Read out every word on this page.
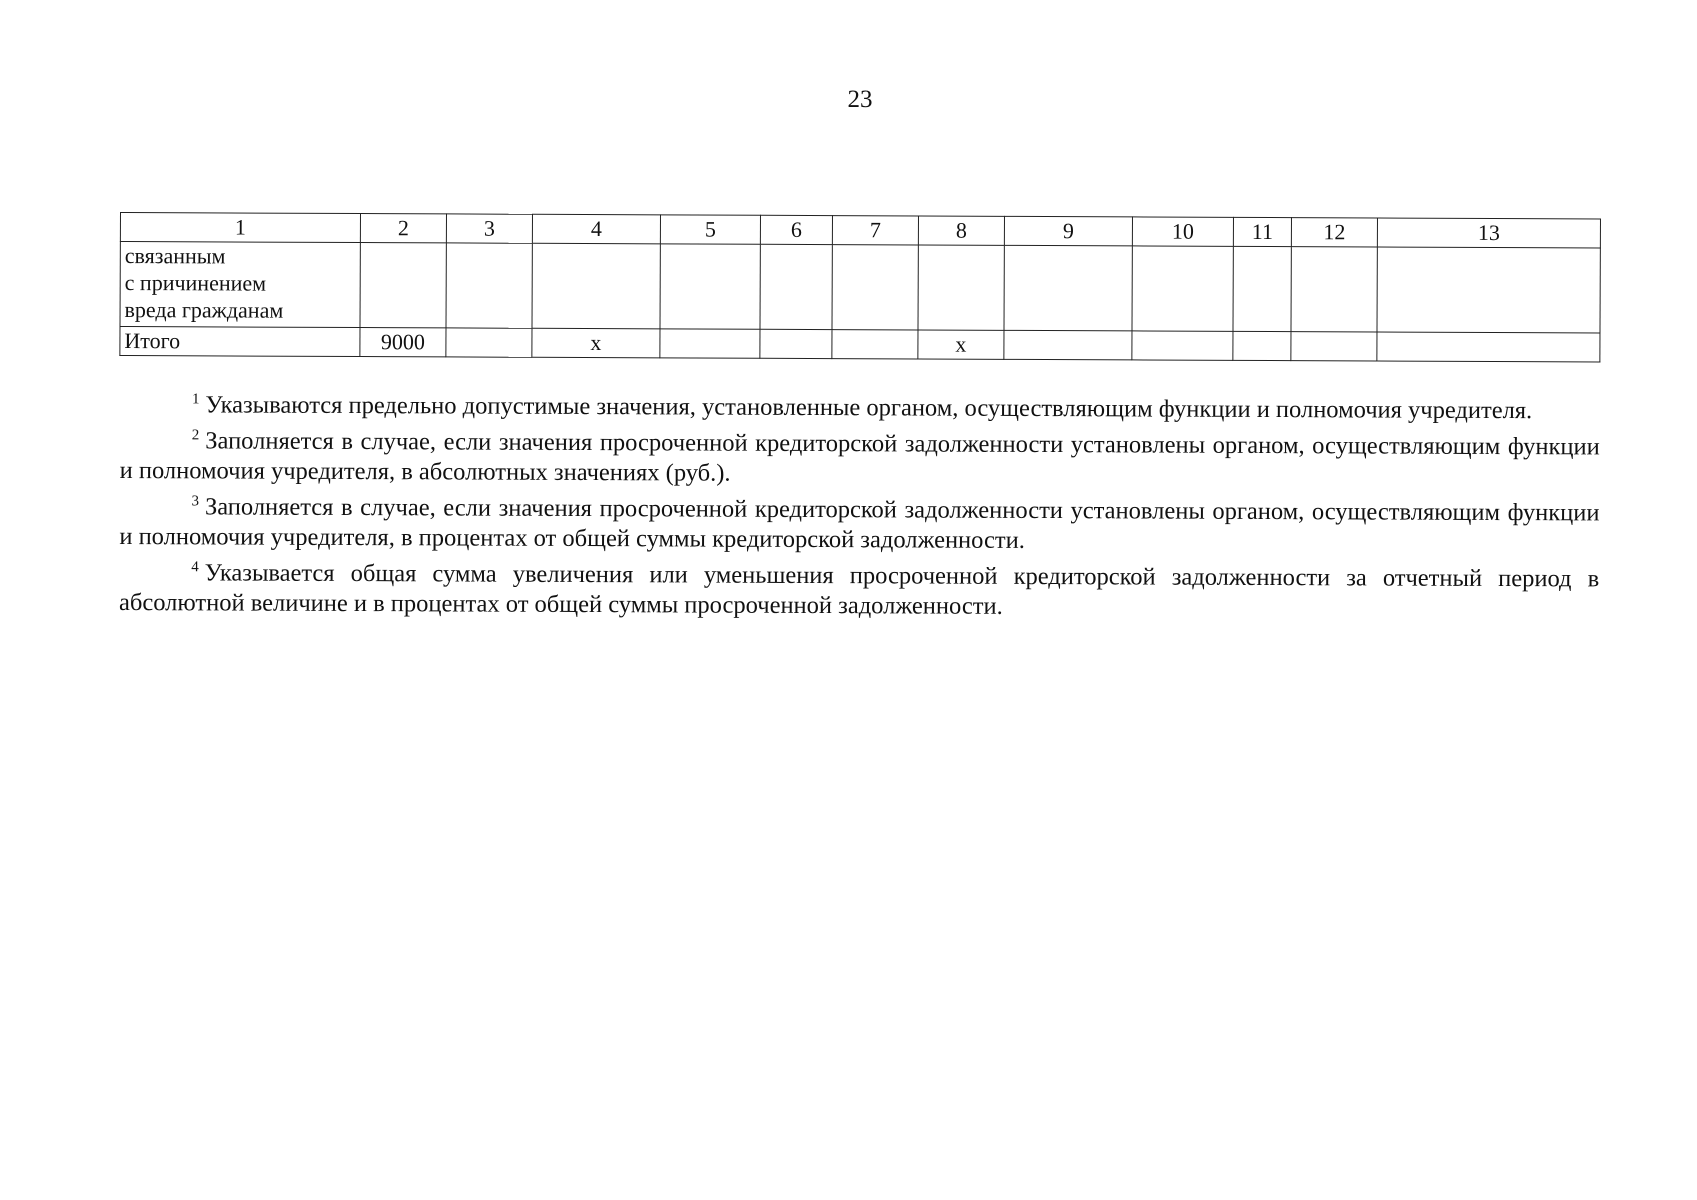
23
1	2	3	4	5	6	7	8	9	10	11	12	13

связанным
с причинением
вреда гражданам												

Итого	9000		х				х					

$^1$ Указываются предельно допустимые значения, установленные органом, осуществляющим функции и полномочия учредителя.

$^2$ Заполняется в случае, если значения просроченной кредиторской задолженности установлены органом, осуществляющим функции и полномочия учредителя, в абсолютных значениях (руб.).

$^3$ Заполняется в случае, если значения просроченной кредиторской задолженности установлены органом, осуществляющим функции и полномочия учредителя, в процентах от общей суммы кредиторской задолженности.

$^4$ Указывается общая сумма увеличения или уменьшения просроченной кредиторской задолженности за отчетный период в абсолютной величине и в процентах от общей суммы просроченной задолженности.
